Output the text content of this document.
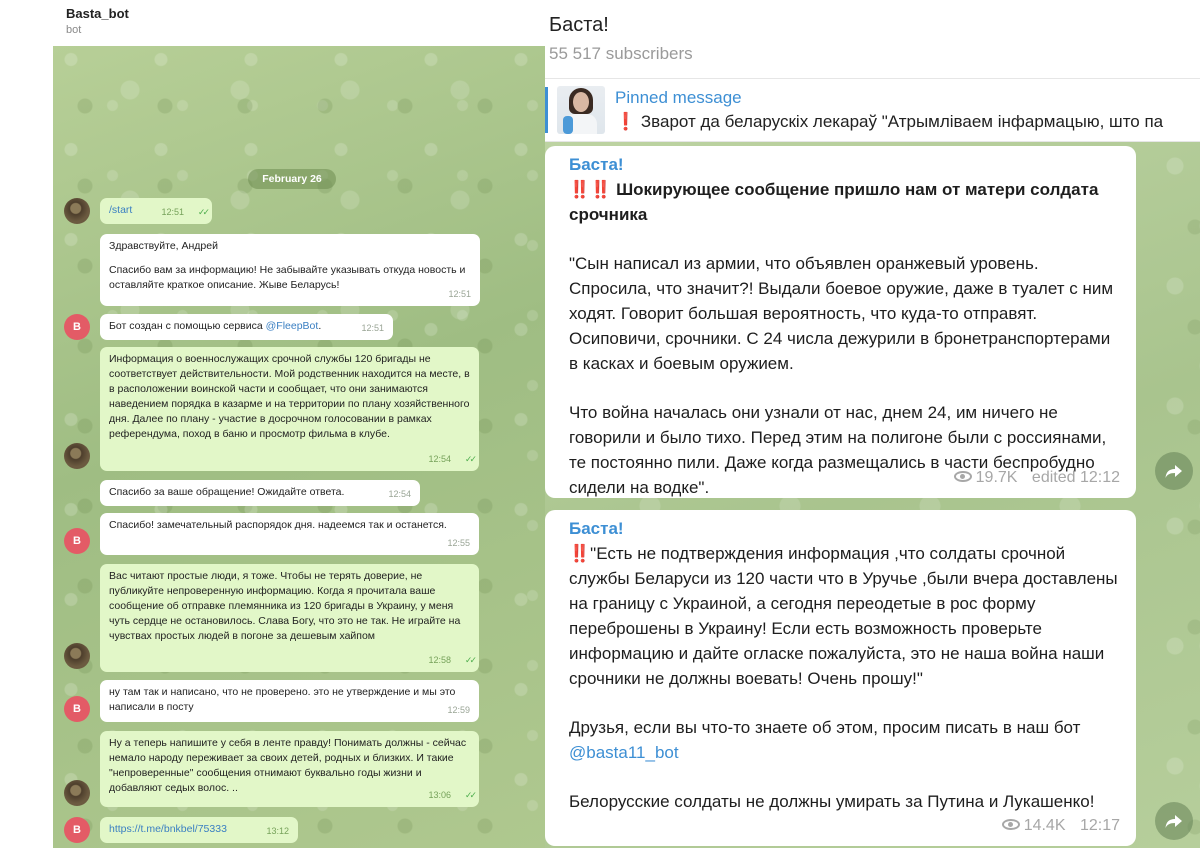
Basta_bot
bot
February 26
/start	12:51 ✓✓
Здравствуйте, Андрей
Спасибо вам за информацию! Не забывайте указывать откуда новость и оставляйте краткое описание. Жыве Беларусь!
12:51
B	Бот создан с помощью сервиса @FleepBot.	12:51
Информация о военнослужащих срочной службы 120 бригады не соответствует действительности. Мой родственник находится на месте, в в расположении воинской части и сообщает, что они занимаются наведением порядка в казарме и на территории по плану хозяйственного дня. Далее по плану - участие в досрочном голосовании в рамках референдума, поход в баню и просмотр фильма в клубе.
12:54 ✓✓
Спасибо за ваше обращение! Ожидайте ответа.	12:54
B
Спасибо! замечательный распорядок дня. надеемся так и останется.
12:55
Вас читают простые люди, я тоже. Чтобы не терять доверие, не публикуйте непроверенную информацию. Когда я прочитала ваше сообщение об отправке племянника из 120 бригады в Украину, у меня чуть сердце не остановилось. Слава Богу, что это не так. Не играйте на чувствах простых людей в погоне за дешевым хайпом
12:58 ✓✓
B
ну там так и написано, что не проверено. это не утверждение и мы это написали в посту	12:59
Ну а теперь напишите у себя в ленте правду! Понимать должны - сейчас немало народу переживает за своих детей, родных и близких. И такие "непроверенные" сообщения отнимают буквально годы жизни и добавляют седых волос. ..
13:06 ✓✓
B	https://t.me/bnkbel/75333	13:12
Баста!
55 517 subscribers
Pinned message
❗ Зварот да беларускіх лекараў "Атрымліваем інфармацыю, што па
Баста!
‼️‼️ Шокирующее сообщение пришло нам от матери солдата срочника
"Сын написал из армии, что объявлен оранжевый уровень. Спросила, что значит?! Выдали боевое оружие, даже в туалет с ним ходят. Говорит большая вероятность, что куда-то отправят. Осиповичи, срочники. С 24 числа дежурили в бронетранспортерами в касках и боевым оружием.
Что война началась они узнали от нас, днем 24, им ничего не говорили и было тихо. Перед этим на полигоне были с россиянами, те постоянно пили. Даже когда размещались в части беспробудно сидели на водке".
19.7K edited 12:12
Баста!
‼️"Есть не подтверждения информация ,что солдаты срочной службы Беларуси из 120 части что в Уручье ,были вчера доставлены на границу с Украиной, а сегодня переодетые в рос форму переброшены в Украину! Если есть возможность проверьте информацию и дайте огласке пожалуйста, это не наша война наши срочники не должны воевать! Очень прошу!"
Друзья, если вы что-то знаете об этом, просим писать в наш бот
@basta11_bot
Белорусские солдаты не должны умирать за Путина и Лукашенко!
14.4K 12:17
